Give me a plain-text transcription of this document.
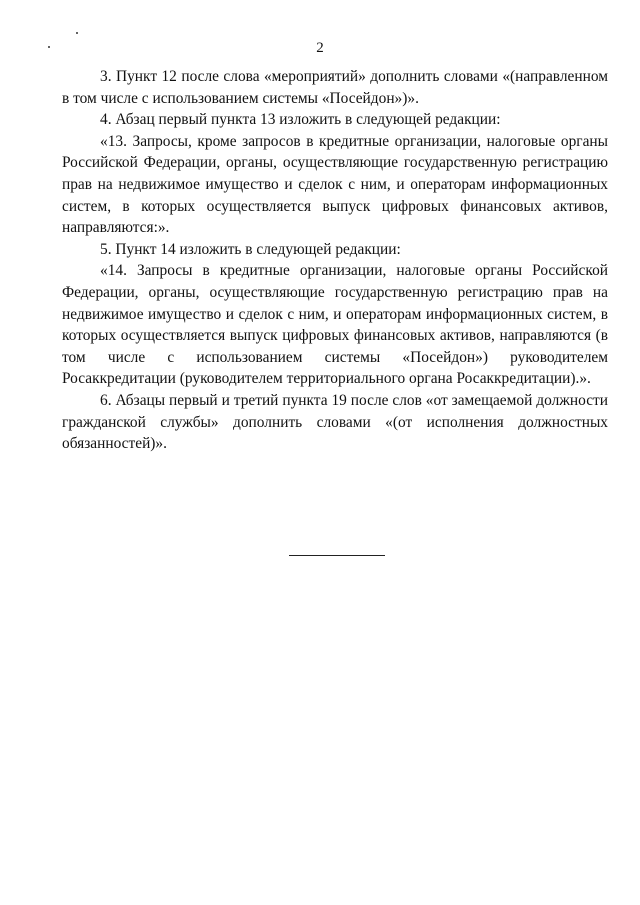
2

3. Пункт 12 после слова «мероприятий» дополнить словами «(направленном в том числе с использованием системы «Посейдон»)».

4. Абзац первый пункта 13 изложить в следующей редакции:

«13. Запросы, кроме запросов в кредитные организации, налоговые органы Российской Федерации, органы, осуществляющие государственную регистрацию прав на недвижимое имущество и сделок с ним, и операторам информационных систем, в которых осуществляется выпуск цифровых финансовых активов, направляются:».

5. Пункт 14 изложить в следующей редакции:

«14. Запросы в кредитные организации, налоговые органы Российской Федерации, органы, осуществляющие государственную регистрацию прав на недвижимое имущество и сделок с ним, и операторам информационных систем, в которых осуществляется выпуск цифровых финансовых активов, направляются (в том числе с использованием системы «Посейдон») руководителем Росаккредитации (руководителем территориального органа Росаккредитации).».

6. Абзацы первый и третий пункта 19 после слов «от замещаемой должности гражданской службы» дополнить словами «(от исполнения должностных обязанностей)».
